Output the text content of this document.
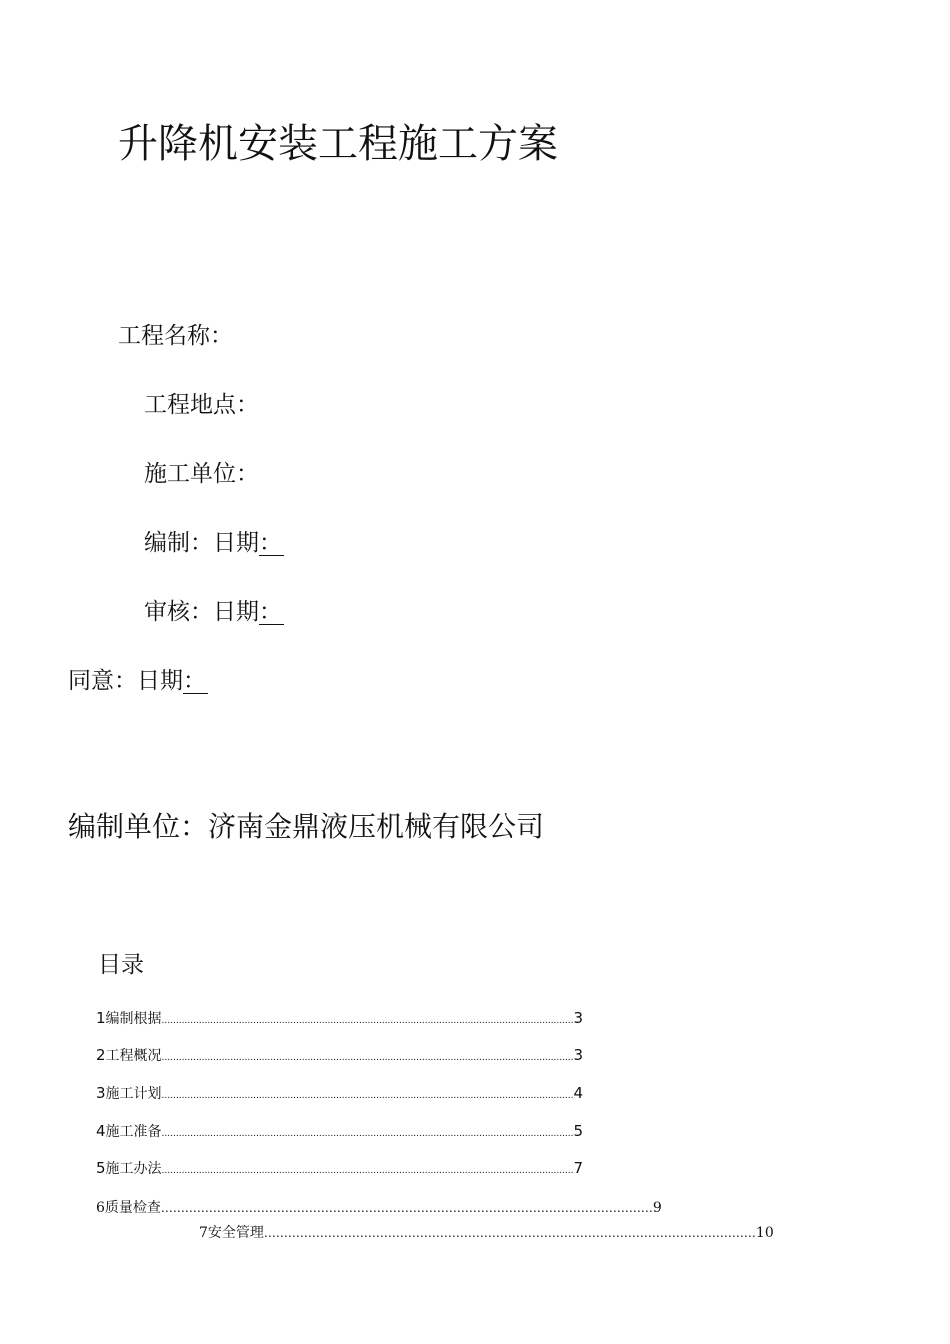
升降机安装工程施工方案
工程名称：
工程地点：
施工单位：
编制：日期：
审核：日期：
同意：日期：
编制单位：济南金鼎液压机械有限公司
目录
1 编制根据 ................................................................................................................................................ 3
2 工程概况 ................................................................................................................................................ 3
3 施工计划 ................................................................................................................................................ 4
4 施工准备 ................................................................................................................................................ 5
5 施工办法 ................................................................................................................................................ 7
6 质量检查 …………………………………………………………………………………………………………… 9
7 安全管理 …………………………………………………………………………………………………………… 10
